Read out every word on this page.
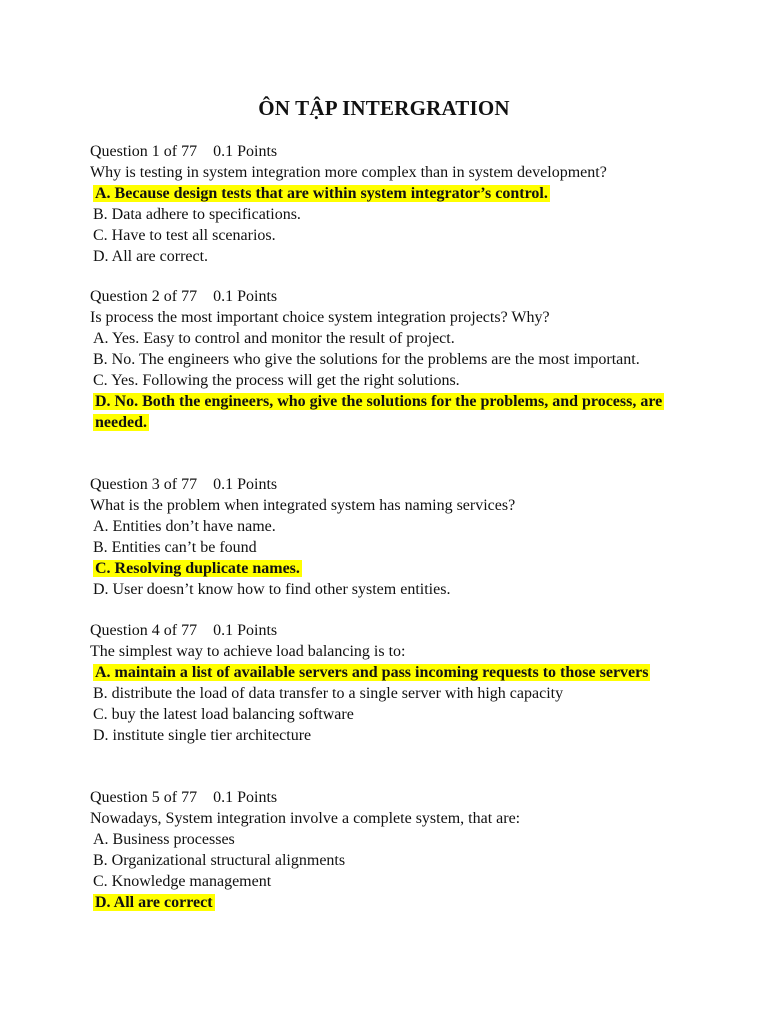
ÔN TẬP INTERGRATION

Question 1 of 77 0.1 Points

Why is testing in system integration more complex than in system development?

A. Because design tests that are within system integrator’s control.

B. Data adhere to specifications.

C. Have to test all scenarios.

D. All are correct.

Question 2 of 77 0.1 Points

Is process the most important choice system integration projects? Why?

A. Yes. Easy to control and monitor the result of project.

B. No. The engineers who give the solutions for the problems are the most important.

C. Yes. Following the process will get the right solutions.

D. No. Both the engineers, who give the solutions for the problems, and process, are needed.

Question 3 of 77 0.1 Points

What is the problem when integrated system has naming services?

A. Entities don’t have name.

B. Entities can’t be found

C. Resolving duplicate names.

D. User doesn’t know how to find other system entities.

Question 4 of 77 0.1 Points

The simplest way to achieve load balancing is to:

A. maintain a list of available servers and pass incoming requests to those servers

B. distribute the load of data transfer to a single server with high capacity

C. buy the latest load balancing software

D. institute single tier architecture

Question 5 of 77 0.1 Points

Nowadays, System integration involve a complete system, that are:

A. Business processes

B. Organizational structural alignments

C. Knowledge management

D. All are correct
